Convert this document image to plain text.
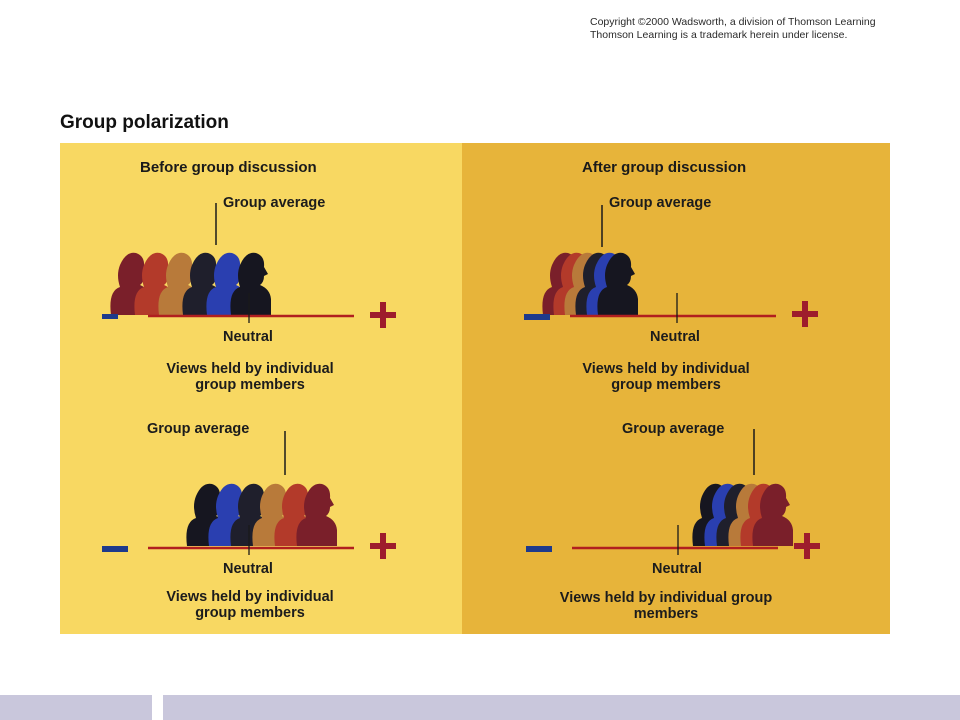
Copyright ©2000 Wadsworth, a division of Thomson Learning
Thomson Learning is a trademark herein under license.
Group polarization
Before group discussion
Group average
Neutral
Views held by individual
group members
Group average
Neutral
Views held by individual
group members
After group discussion
Group average
Neutral
Views held by individual
group members
Group average
Neutral
Views held by individual group
members
